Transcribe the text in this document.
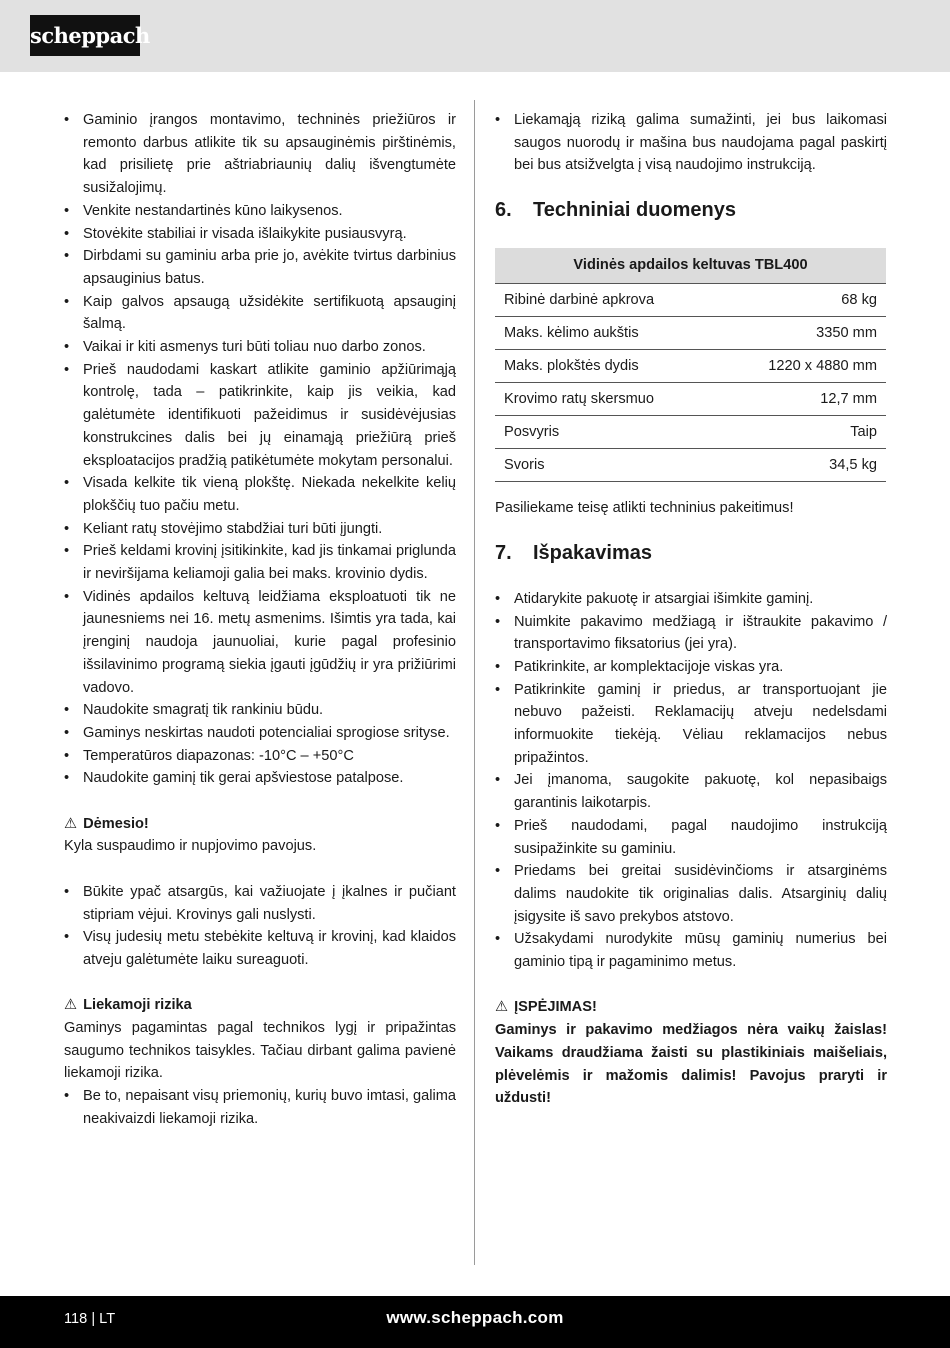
scheppach
• Gaminio įrangos montavimo, techninės priežiūros ir remonto darbus atlikite tik su apsauginėmis pirštinėmis, kad prisilietę prie aštriabriaunių dalių išvengtumėte susižalojimų.
• Venkite nestandartinės kūno laikysenos.
• Stovėkite stabiliai ir visada išlaikykite pusiausvyrą.
• Dirbdami su gaminiu arba prie jo, avėkite tvirtus darbinius apsauginius batus.
• Kaip galvos apsaugą užsidėkite sertifikuotą apsauginį šalmą.
• Vaikai ir kiti asmenys turi būti toliau nuo darbo zonos.
• Prieš naudodami kaskart atlikite gaminio apžiūrimąją kontrolę, tada – patikrinkite, kaip jis veikia, kad galėtumėte identifikuoti pažeidimus ir susidėvėjusias konstrukcines dalis bei jų einamąją priežiūrą prieš eksploatacijos pradžią patikėtumėte mokytam personalui.
• Visada kelkite tik vieną plokštę. Niekada nekelkite kelių plokščių tuo pačiu metu.
• Keliant ratų stovėjimo stabdžiai turi būti įjungti.
• Prieš keldami krovinį įsitikinkite, kad jis tinkamai priglunda ir neviršijama keliamoji galia bei maks. krovinio dydis.
• Vidinės apdailos keltuvą leidžiama eksploatuoti tik ne jaunesniems nei 16. metų asmenims. Išimtis yra tada, kai įrenginį naudoja jaunuoliai, kurie pagal profesinio išsilavinimo programą siekia įgauti įgūdžių ir yra prižiūrimi vadovo.
• Naudokite smagratį tik rankiniu būdu.
• Gaminys neskirtas naudoti potencialiai sprogiose srityse.
• Temperatūros diapazonas: -10°C – +50°C
• Naudokite gaminį tik gerai apšviestose patalpose.

⚠ Dėmesio!

Kyla suspaudimo ir nupjovimo pavojus.

• Būkite ypač atsargūs, kai važiuojate į įkalnes ir pučiant stipriam vėjui. Krovinys gali nuslysti.
• Visų judesių metu stebėkite keltuvą ir krovinį, kad klaidos atveju galėtumėte laiku sureaguoti.

⚠ Liekamoji rizika

Gaminys pagamintas pagal technikos lygį ir pripažintas saugumo technikos taisykles. Tačiau dirbant galima pavienė liekamoji rizika.

• Be to, nepaisant visų priemonių, kurių buvo imtasi, galima neakivaizdi liekamoji rizika.
• Liekamąją riziką galima sumažinti, jei bus laikomasi saugos nuorodų ir mašina bus naudojama pagal paskirtį bei bus atsižvelgta į visą naudojimo instrukciją.
6.	Techniniai duomenys
Vidinės apdailos keltuvas TBL400	
Ribinė darbinė apkrova	68 kg
Maks. kėlimo aukštis	3350 mm
Maks. plokštės dydis	1220 x 4880 mm
Krovimo ratų skersmuo	12,7 mm
Posvyris	Taip
Svoris	34,5 kg

Pasiliekame teisę atlikti techninius pakeitimus!

7.	Išpakavimas
• Atidarykite pakuotę ir atsargiai išimkite gaminį.
• Nuimkite pakavimo medžiagą ir ištraukite pakavimo / transportavimo fiksatorius (jei yra).
• Patikrinkite, ar komplektacijoje viskas yra.
• Patikrinkite gaminį ir priedus, ar transportuojant jie nebuvo pažeisti. Reklamacijų atveju nedelsdami informuokite tiekėją. Vėliau reklamacijos nebus pripažintos.
• Jei įmanoma, saugokite pakuotę, kol nepasibaigs garantinis laikotarpis.
• Prieš naudodami, pagal naudojimo instrukciją susipažinkite su gaminiu.
• Priedams bei greitai susidėvinčioms ir atsarginėms dalims naudokite tik originalias dalis. Atsarginių dalių įsigysite iš savo prekybos atstovo.
• Užsakydami nurodykite mūsų gaminių numerius bei gaminio tipą ir pagaminimo metus.

⚠ ĮSPĖJIMAS!

Gaminys ir pakavimo medžiagos nėra vaikų žaislas! Vaikams draudžiama žaisti su plastikiniais maišeliais, plėvelėmis ir mažomis dalimis! Pavojus praryti ir uždusti!

118 | LT	www.scheppach.com
